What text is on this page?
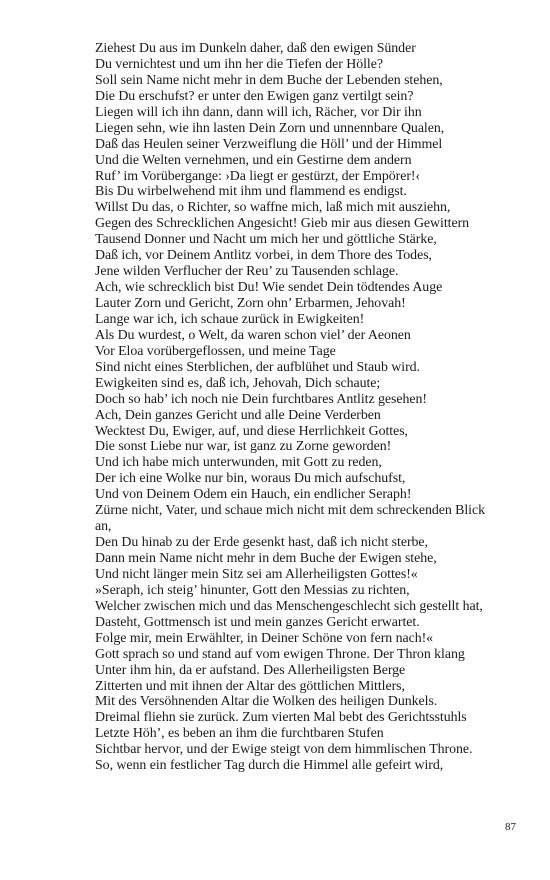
Ziehest Du aus im Dunkeln daher, daß den ewigen Sünder
Du vernichtest und um ihn her die Tiefen der Hölle?
Soll sein Name nicht mehr in dem Buche der Lebenden stehen,
Die Du erschufst? er unter den Ewigen ganz vertilgt sein?
Liegen will ich ihn dann, dann will ich, Rächer, vor Dir ihn
Liegen sehn, wie ihn lasten Dein Zorn und unnennbare Qualen,
Daß das Heulen seiner Verzweiflung die Höll’ und der Himmel
Und die Welten vernehmen, und ein Gestirne dem andern
Ruf’ im Vorübergange: ›Da liegt er gestürzt, der Empörer!‹
Bis Du wirbelwehend mit ihm und flammend es endigst.
Willst Du das, o Richter, so waffne mich, laß mich mit ausziehn,
Gegen des Schrecklichen Angesicht! Gieb mir aus diesen Gewittern
Tausend Donner und Nacht um mich her und göttliche Stärke,
Daß ich, vor Deinem Antlitz vorbei, in dem Thore des Todes,
Jene wilden Verflucher der Reu’ zu Tausenden schlage.
Ach, wie schrecklich bist Du! Wie sendet Dein tödtendes Auge
Lauter Zorn und Gericht, Zorn ohn’ Erbarmen, Jehovah!
Lange war ich, ich schaue zurück in Ewigkeiten!
Als Du wurdest, o Welt, da waren schon viel’ der Aeonen
Vor Eloa vorübergeflossen, und meine Tage
Sind nicht eines Sterblichen, der aufblühet und Staub wird.
Ewigkeiten sind es, daß ich, Jehovah, Dich schaute;
Doch so hab’ ich noch nie Dein furchtbares Antlitz gesehen!
Ach, Dein ganzes Gericht und alle Deine Verderben
Wecktest Du, Ewiger, auf, und diese Herrlichkeit Gottes,
Die sonst Liebe nur war, ist ganz zu Zorne geworden!
Und ich habe mich unterwunden, mit Gott zu reden,
Der ich eine Wolke nur bin, woraus Du mich aufschufst,
Und von Deinem Odem ein Hauch, ein endlicher Seraph!
Zürne nicht, Vater, und schaue mich nicht mit dem schreckenden Blick
an,
Den Du hinab zu der Erde gesenkt hast, daß ich nicht sterbe,
Dann mein Name nicht mehr in dem Buche der Ewigen stehe,
Und nicht länger mein Sitz sei am Allerheiligsten Gottes!«
»Seraph, ich steig’ hinunter, Gott den Messias zu richten,
Welcher zwischen mich und das Menschengeschlecht sich gestellt hat,
Dasteht, Gottmensch ist und mein ganzes Gericht erwartet.
Folge mir, mein Erwählter, in Deiner Schöne von fern nach!«
Gott sprach so und stand auf vom ewigen Throne. Der Thron klang
Unter ihm hin, da er aufstand. Des Allerheiligsten Berge
Zitterten und mit ihnen der Altar des göttlichen Mittlers,
Mit des Versöhnenden Altar die Wolken des heiligen Dunkels.
Dreimal fliehn sie zurück. Zum vierten Mal bebt des Gerichtsstuhls
Letzte Höh’, es beben an ihm die furchtbaren Stufen
Sichtbar hervor, und der Ewige steigt von dem himmlischen Throne.
So, wenn ein festlicher Tag durch die Himmel alle gefeirt wird,
87
